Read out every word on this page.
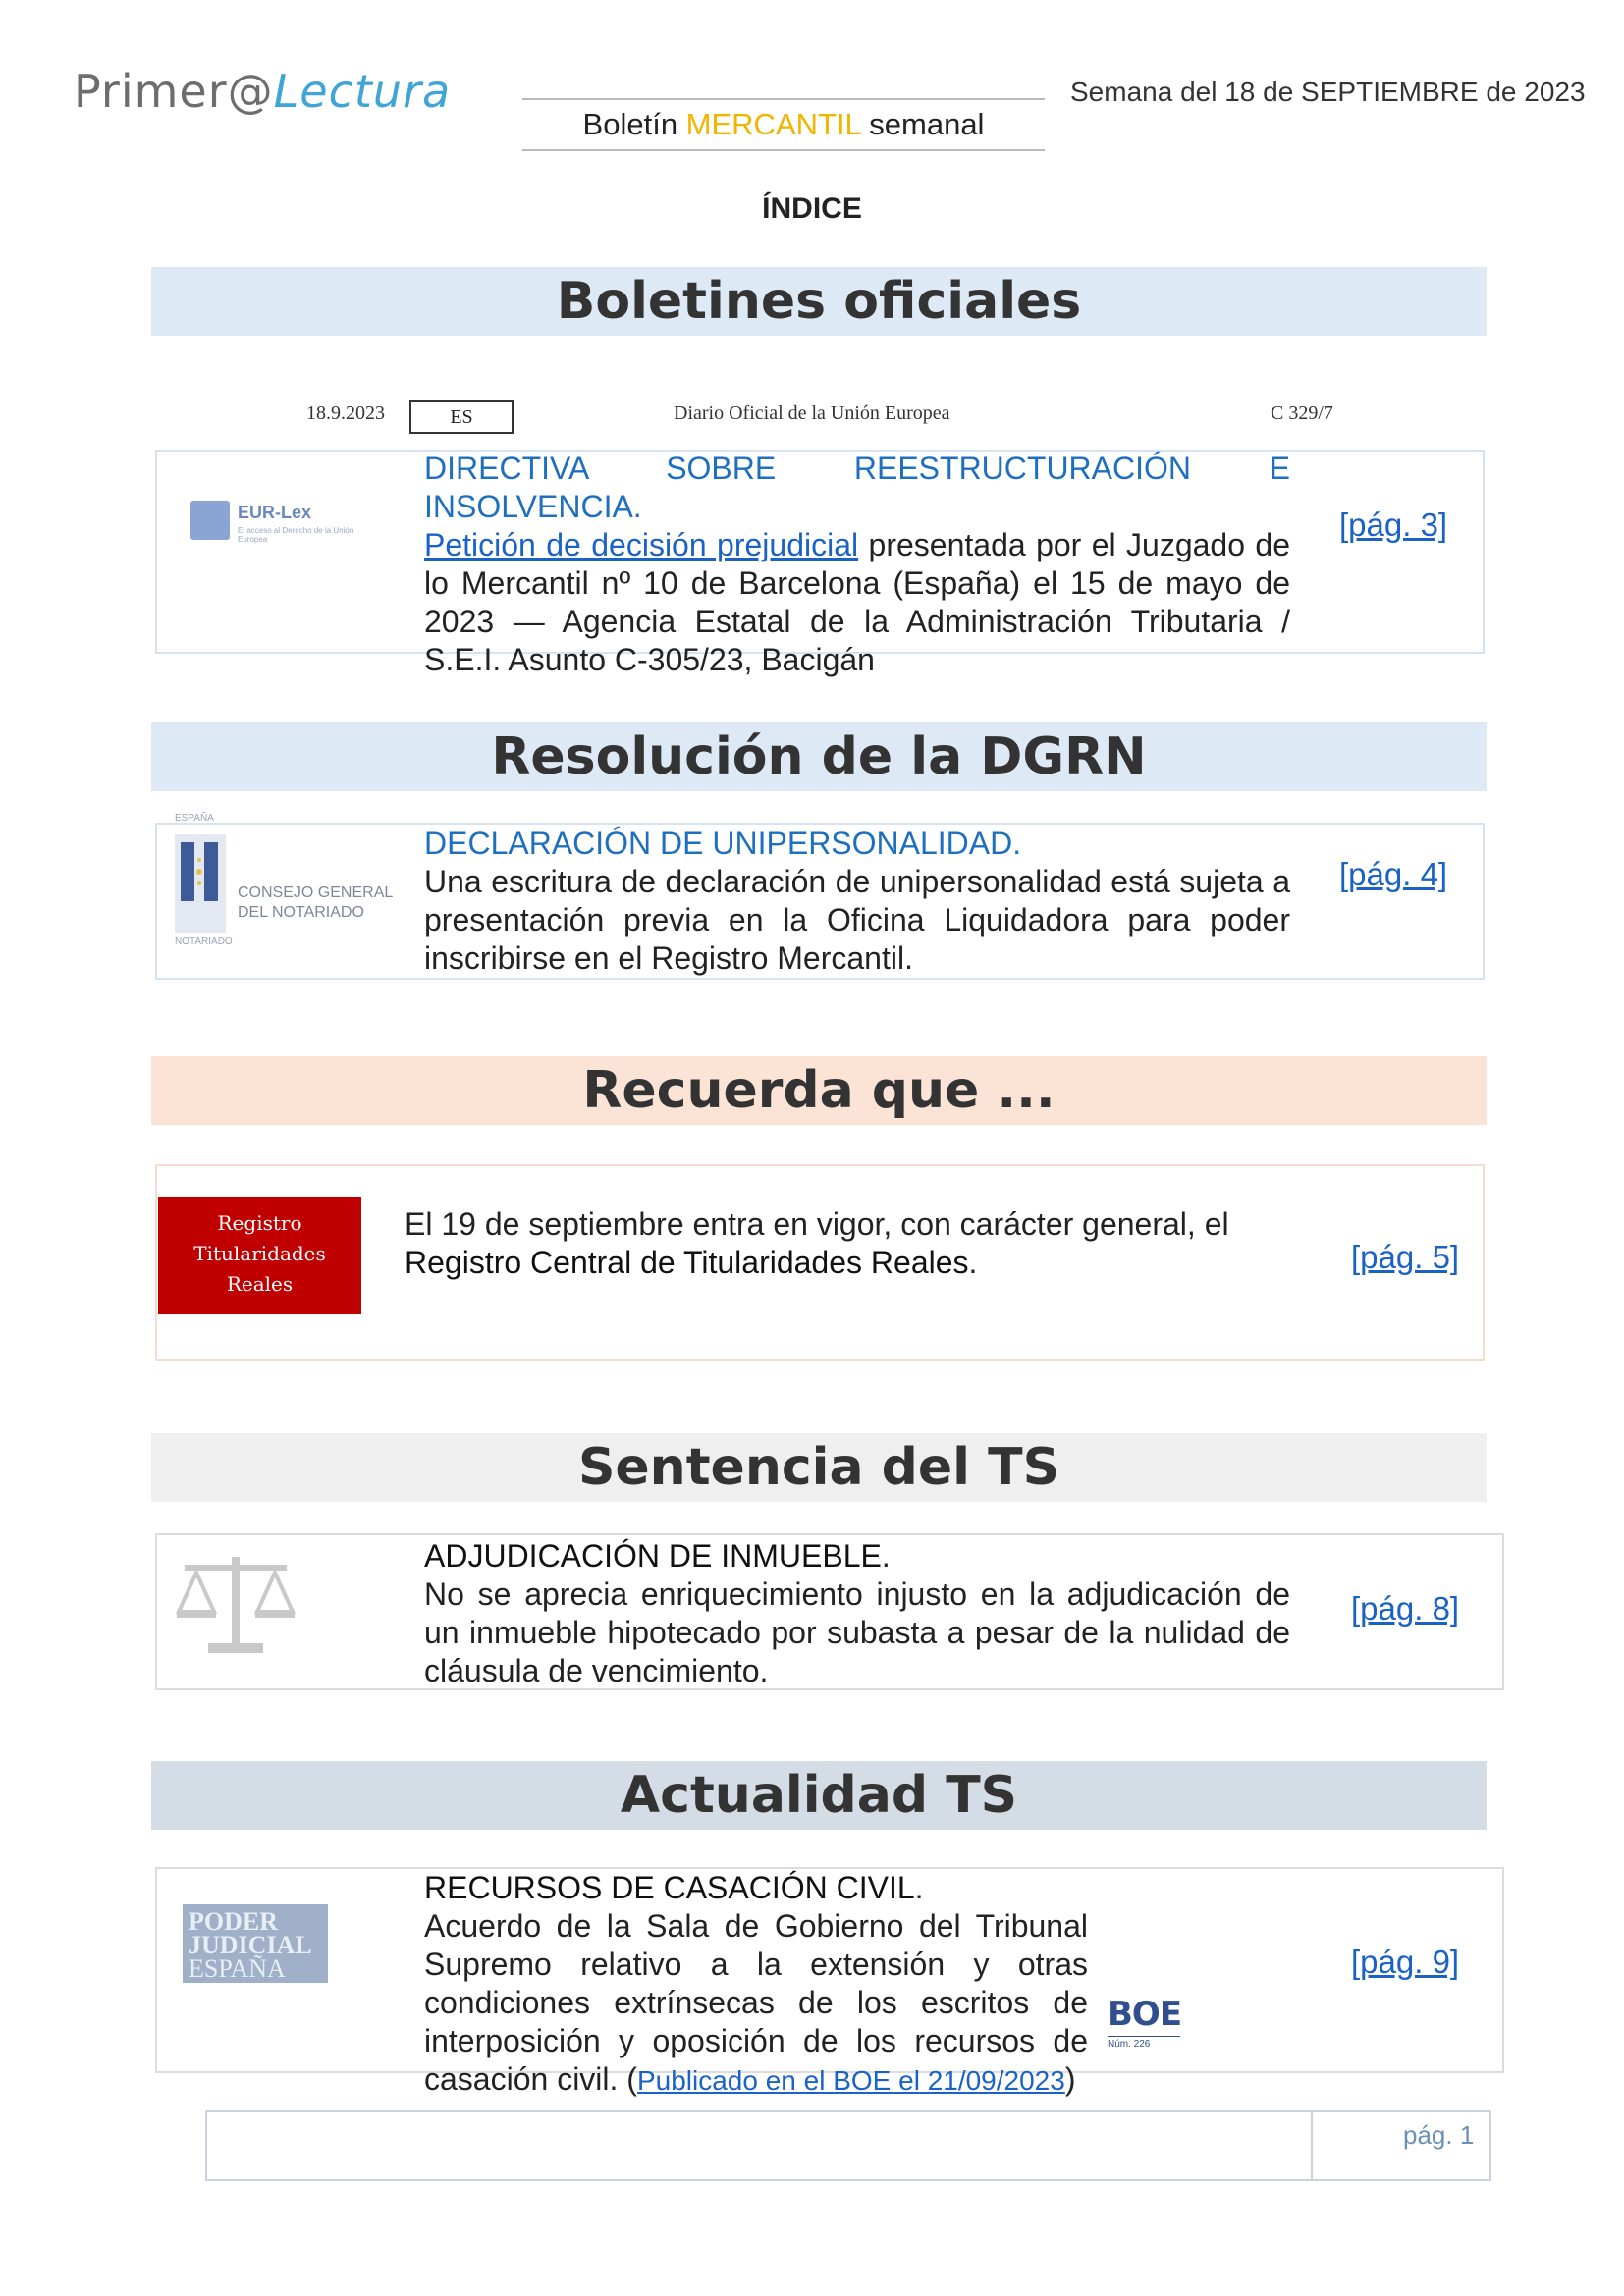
Primer@Lectura
Boletín MERCANTIL semanal
Semana del 18 de SEPTIEMBRE de 2023
ÍNDICE
Boletines oficiales
18.9.2023	ES	Diario Oficial de la Unión Europea	C 329/7
EUR-Lex
El acceso al Derecho de la Unión Europea
DIRECTIVA SOBRE REESTRUCTURACIÓN E INSOLVENCIA.
Petición de decisión prejudicial presentada por el Juzgado de lo Mercantil nº 10 de Barcelona (España) el 15 de mayo de 2023 — Agencia Estatal de la Administración Tributaria / S.E.I. Asunto C-305/23, Bacigán
[pág. 3]
Resolución de la DGRN
ESPAÑA
CONSEJO GENERAL
DEL NOTARIADO
NOTARIADO
DECLARACIÓN DE UNIPERSONALIDAD.
Una escritura de declaración de unipersonalidad está sujeta a presentación previa en la Oficina Liquidadora para poder inscribirse en el Registro Mercantil.
[pág. 4]
Recuerda que ...
Registro
Titularidades
Reales
El 19 de septiembre entra en vigor, con carácter general, el
Registro Central de Titularidades Reales.	[pág. 5]
Sentencia del TS
ADJUDICACIÓN DE INMUEBLE.
No se aprecia enriquecimiento injusto en la adjudicación de un inmueble hipotecado por subasta a pesar de la nulidad de cláusula de vencimiento.
[pág. 8]
Actualidad TS
PODER
JUDICIAL
ESPAÑA
RECURSOS DE CASACIÓN CIVIL.
Acuerdo de la Sala de Gobierno del Tribunal Supremo relativo a la extensión y otras condiciones extrínsecas de los escritos de interposición y oposición de los recursos de casación civil. (Publicado en el BOE el 21/09/2023)
BOE
Núm. 226
[pág. 9]
pág. 1
